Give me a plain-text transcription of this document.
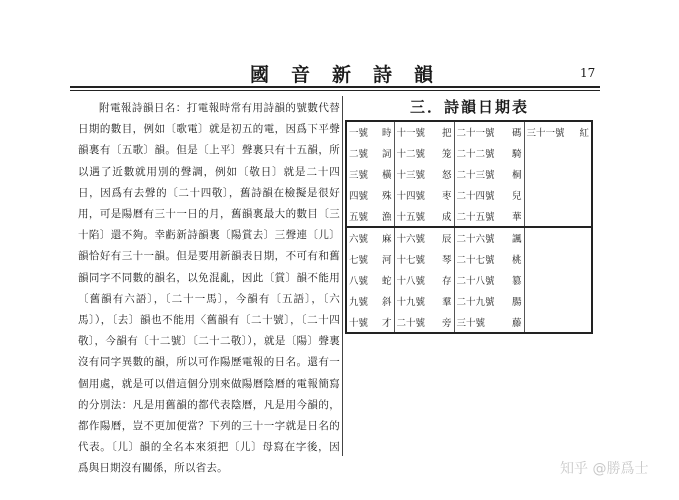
國音新詩韻	17
附電報詩韻日名：打電報時常有用詩韻的號數代替日期的數目，例如〔歌電〕就是初五的電，因爲下平聲韻裏有〔五歌〕韻。但是〔上平〕聲裏只有十五韻，所以遇了近數就用別的聲調，例如〔敬日〕就是二十四日，因爲有去聲的〔二十四敬〕，舊詩韻在檢擬是很好用，可是陽曆有三十一日的月，舊韻裏最大的數目〔三十陷〕還不夠。幸虧新詩韻裏〔陽賞去〕三聲連〔儿〕韻恰好有三十一韻。但是要用新韻表日期，不可有和舊韻同字不同數的韻名，以免混亂，因此〔賞〕韻不能用〔舊韻有六語〕，〔二十一馬〕，今韻有〔五語〕，〔六馬〕），〔去〕韻也不能用〈舊韻有〔二十號〕，〔二十四敬〕，今韻有〔十二號〕〔二十二敬〕），就是〔陽〕聲裏沒有同字異數的韻，所以可作陽歷電報的日名。還有一個用處，就是可以借這個分別來做陽曆陰曆的電報簡寫的分別法：凡是用舊韻的都代表陰曆，凡是用今韻的，都作陽曆，豈不更加便當？下列的三十一字就是日名的代表。〔儿〕韻的全名本來須把〔儿〕母寫在字後，因爲與日期沒有關係，所以省去。
三．詩韻日期表
一號 時	十一號 把	二十一號 碼	三十一號 紅

二號 詞	十二號 笼	二十二號 騎	

三號 橫	十三號 怒	二十三號 桐	

四號 殊	十四號 枣	二十四號 兒	

五號 漁	十五號 成	二十五號 華	

六號 麻	十六號 辰	二十六號 諷	

七號 河	十七號 琴	二十七號 桃	

八號 蛇	十八號 存	二十八號 篡	

九號 斜	十九號 羣	二十九號 腸	

十號 才	二十號 旁	三十號 藤	

知乎 @勝爲士
